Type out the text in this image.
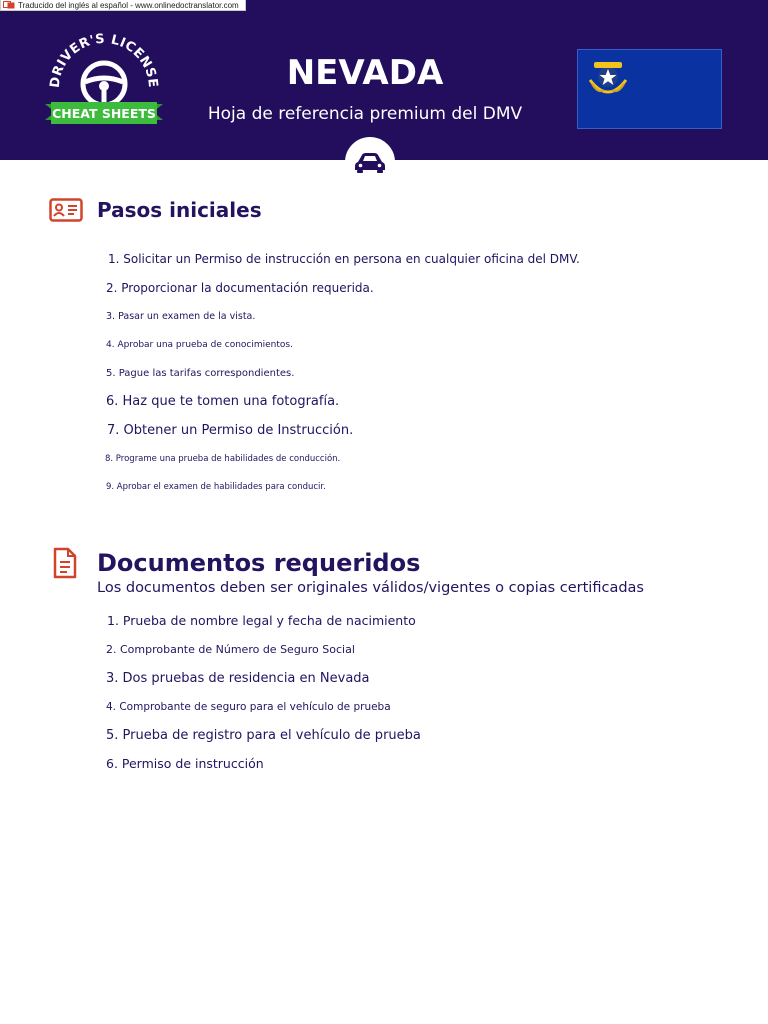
DRIVER'S LICENSE
CHEAT SHEETS
NEVADA
Hoja de referencia premium del DMV
Pasos iniciales
1. Solicitar un Permiso de instrucción en persona en cualquier oficina del DMV.
2. Proporcionar la documentación requerida.
3. Pasar un examen de la vista.
4. Aprobar una prueba de conocimientos.
5. Pague las tarifas correspondientes.
6. Haz que te tomen una fotografía.
7. Obtener un Permiso de Instrucción.
8. Programe una prueba de habilidades de conducción.
9. Aprobar el examen de habilidades para conducir.
Documentos requeridos
Los documentos deben ser originales válidos/vigentes o copias certificadas
1. Prueba de nombre legal y fecha de nacimiento
2. Comprobante de Número de Seguro Social
3. Dos pruebas de residencia en Nevada
4. Comprobante de seguro para el vehículo de prueba
5. Prueba de registro para el vehículo de prueba
6. Permiso de instrucción
Traducido del inglés al español - www.onlinedoctranslator.com
